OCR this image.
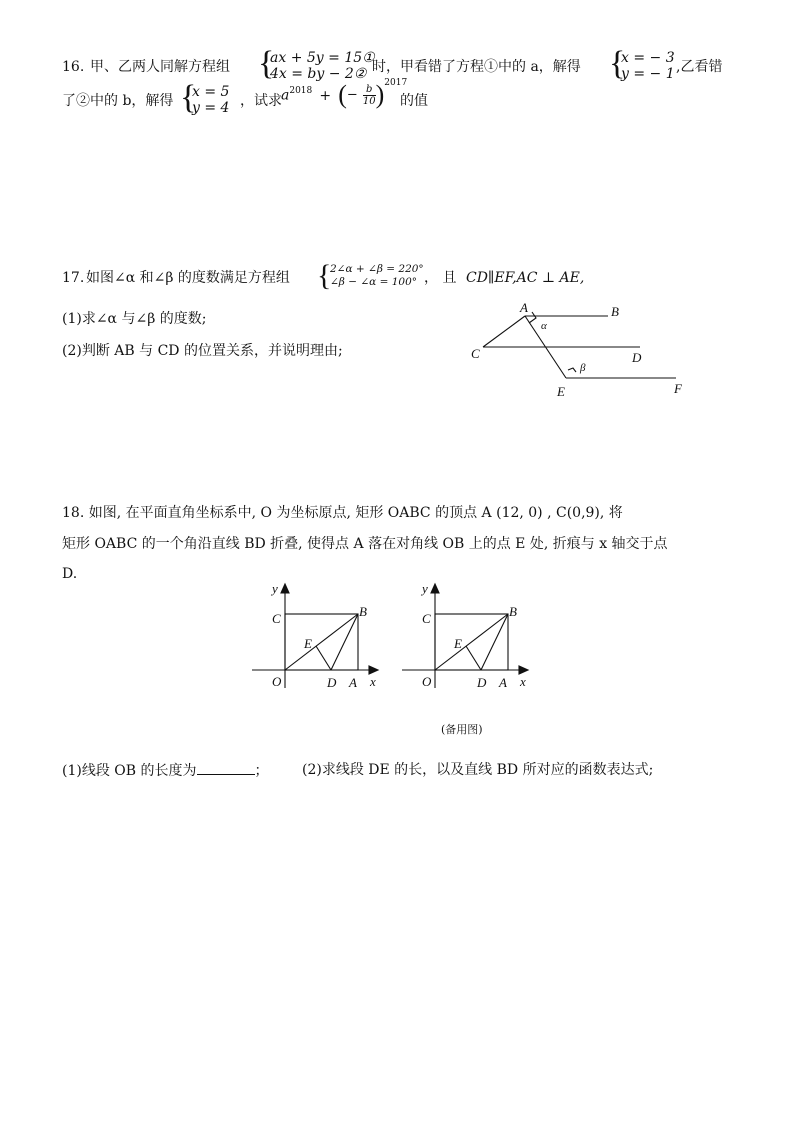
16. 甲、乙两人同解方程组 {
ax + 5y = 15①
4x = by − 2② 时，甲看错了方程①中的 a，解得 {
x = − 3
y = − 1 ,乙看错
了②中的 b，解得 {
x = 5
y = 4 ，试求 $a^{2018}$ + (− $\frac{b}{10} )^{2017}$
的值
17. 如图∠α 和∠β 的度数满足方程组 {
2∠α + ∠β = 220°
∠β − ∠α = 100° ， 且 CD∥EF,AC ⊥ AE,
(1)求∠α 与∠β 的度数;
(2)判断 AB 与 CD 的位置关系，并说明理由;
A	B
C	D
E	F
α
β
18. 如图, 在平面直角坐标系中, O 为坐标原点, 矩形 OABC 的顶点 A (12, 0) , C(0,9), 将
矩形 OABC 的一个角沿直线 BD 折叠, 使得点 A 落在对角线 OB 上的点 E 处, 折痕与 x 轴交于点
D.
y
x
O	A
B
C
D
E
y
x
O	A
B
C
D
E
(备用图)
(1)线段 OB 的长度为	； (2)求线段 DE 的长，以及直线 BD 所对应的函数表达式;
